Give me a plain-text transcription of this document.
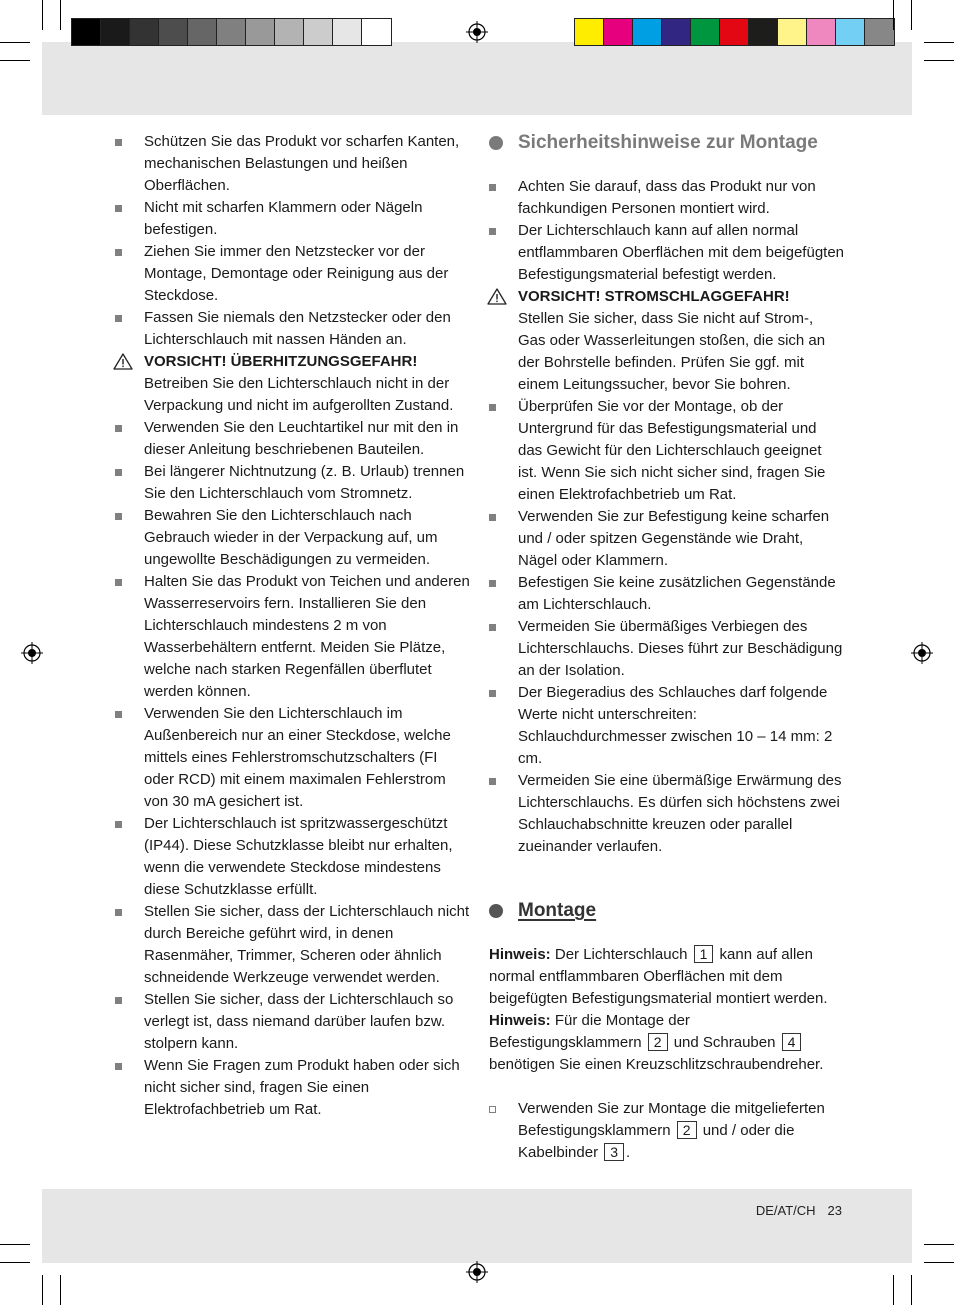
Schützen Sie das Produkt vor scharfen Kanten, mechanischen Belastungen und heißen Oberflächen.
Nicht mit scharfen Klammern oder Nägeln befestigen.
Ziehen Sie immer den Netzstecker vor der Montage, Demontage oder Reinigung aus der Steckdose.
Fassen Sie niemals den Netzstecker oder den Lichterschlauch mit nassen Händen an.
VORSICHT! ÜBERHITZUNGSGEFAHR! Betreiben Sie den Lichterschlauch nicht in der Verpackung und nicht im aufgerollten Zustand.
Verwenden Sie den Leuchtartikel nur mit den in dieser Anleitung beschriebenen Bauteilen.
Bei längerer Nichtnutzung (z. B. Urlaub) trennen Sie den Lichterschlauch vom Stromnetz.
Bewahren Sie den Lichterschlauch nach Gebrauch wieder in der Verpackung auf, um ungewollte Beschädigungen zu vermeiden.
Halten Sie das Produkt von Teichen und anderen Wasserreservoirs fern. Installieren Sie den Lichterschlauch mindestens 2 m von Wasserbehältern entfernt. Meiden Sie Plätze, welche nach starken Regenfällen überflutet werden können.
Verwenden Sie den Lichterschlauch im Außenbereich nur an einer Steckdose, welche mittels eines Fehlerstromschutzschalters (FI oder RCD) mit einem maximalen Fehlerstrom von 30 mA gesichert ist.
Der Lichterschlauch ist spritzwassergeschützt (IP44). Diese Schutzklasse bleibt nur erhalten, wenn die verwendete Steckdose mindestens diese Schutzklasse erfüllt.
Stellen Sie sicher, dass der Lichterschlauch nicht durch Bereiche geführt wird, in denen Rasenmäher, Trimmer, Scheren oder ähnlich schneidende Werkzeuge verwendet werden.
Stellen Sie sicher, dass der Lichterschlauch so verlegt ist, dass niemand darüber laufen bzw. stolpern kann.
Wenn Sie Fragen zum Produkt haben oder sich nicht sicher sind, fragen Sie einen Elektrofachbetrieb um Rat.
Sicherheitshinweise zur Montage
Achten Sie darauf, dass das Produkt nur von fachkundigen Personen montiert wird.
Der Lichterschlauch kann auf allen normal entflammbaren Oberflächen mit dem beigefügten Befestigungsmaterial befestigt werden.
VORSICHT! STROMSCHLAGGEFAHR!
Stellen Sie sicher, dass Sie nicht auf Strom-, Gas oder Wasserleitungen stoßen, die sich an der Bohrstelle befinden. Prüfen Sie ggf. mit einem Leitungssucher, bevor Sie bohren.
Überprüfen Sie vor der Montage, ob der Untergrund für das Befestigungsmaterial und das Gewicht für den Lichterschlauch geeignet ist. Wenn Sie sich nicht sicher sind, fragen Sie einen Elektrofachbetrieb um Rat.
Verwenden Sie zur Befestigung keine scharfen und / oder spitzen Gegenstände wie Draht, Nägel oder Klammern.
Befestigen Sie keine zusätzlichen Gegenstände am Lichterschlauch.
Vermeiden Sie übermäßiges Verbiegen des Lichterschlauchs. Dieses führt zur Beschädigung an der Isolation.
Der Biegeradius des Schlauches darf folgende Werte nicht unterschreiten: Schlauchdurchmesser zwischen 10 – 14 mm: 2 cm.
Vermeiden Sie eine übermäßige Erwärmung des Lichterschlauchs. Es dürfen sich höchstens zwei Schlauchabschnitte kreuzen oder parallel zueinander verlaufen.
Montage

Hinweis: Der Lichterschlauch 1 kann auf allen normal entflammbaren Oberflächen mit dem beigefügten Befestigungsmaterial montiert werden.

Hinweis: Für die Montage der Befestigungsklammern 2 und Schrauben 4 benötigen Sie einen Kreuzschlitzschraubendreher.

Verwenden Sie zur Montage die mitgelieferten Befestigungsklammern 2 und / oder die Kabelbinder 3 .
DE/AT/CH 23
